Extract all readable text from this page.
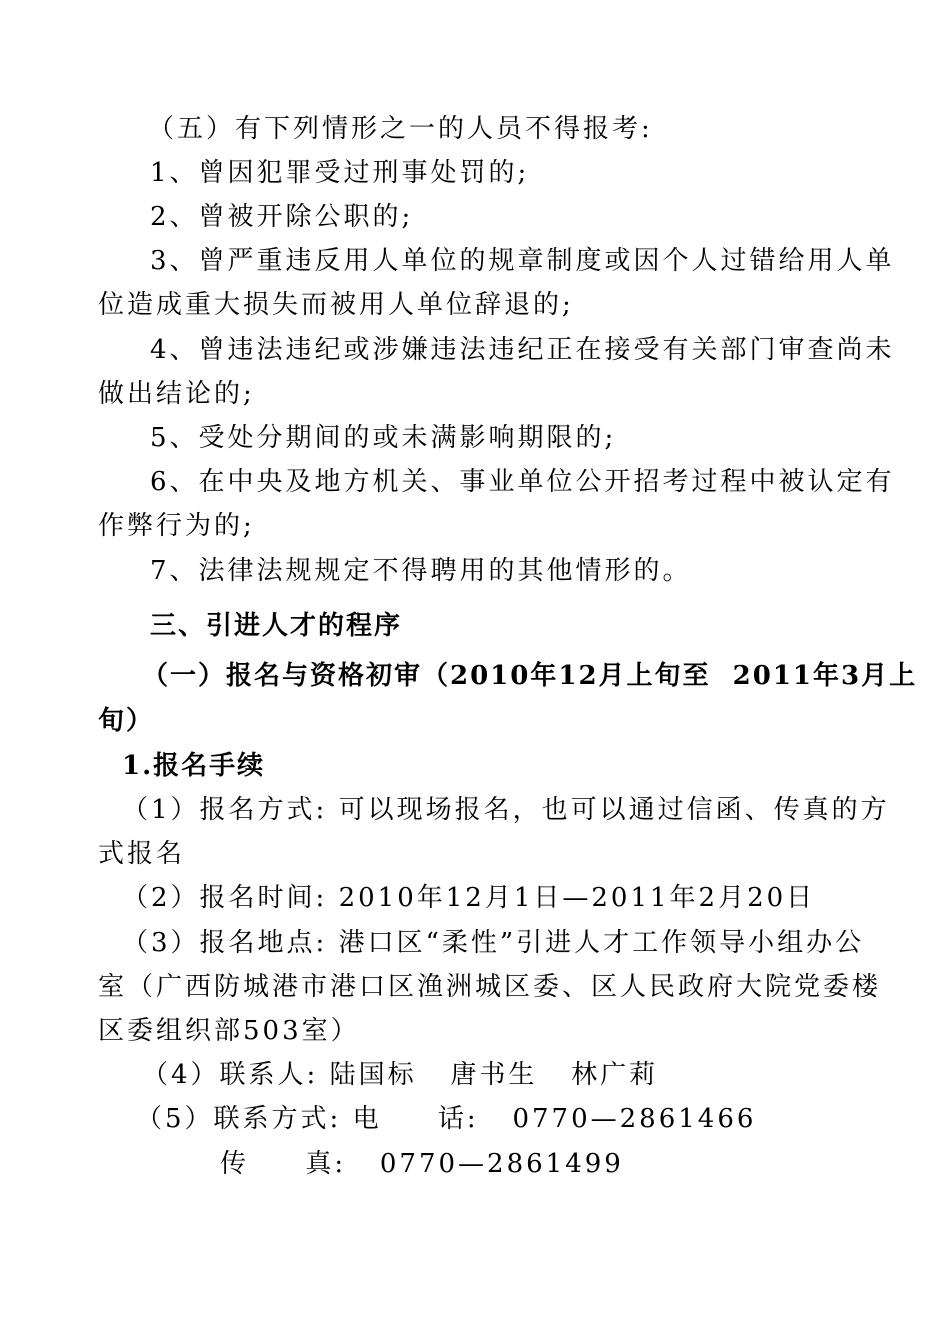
（五）有下列情形之一的人员不得报考:
1、曾因犯罪受过刑事处罚的;
2、曾被开除公职的;
3、曾严重违反用人单位的规章制度或因个人过错给用人单
位造成重大损失而被用人单位辞退的;
4、曾违法违纪或涉嫌违法违纪正在接受有关部门审查尚未
做出结论的;
5、受处分期间的或未满影响期限的;
6、在中央及地方机关、事业单位公开招考过程中被认定有
作弊行为的;
7、法律法规规定不得聘用的其他情形的。
三、引进人才的程序
（一）报名与资格初审（2010年12月上旬至  2011年3月上
旬）
1.报名手续
（1）报名方式: 可以现场报名，也可以通过信函、传真的方
式报名
（2）报名时间: 2010年12月1日—2011年2月20日
（3）报名地点: 港口区“柔性”引进人才工作领导小组办公
室（广西防城港市港口区渔洲城区委、区人民政府大院党委楼
区委组织部503室）
（4）联系人: 陆国标   唐书生   林广莉
（5）联系方式: 电     话:   0770—2861466
传     真:   0770—2861499
